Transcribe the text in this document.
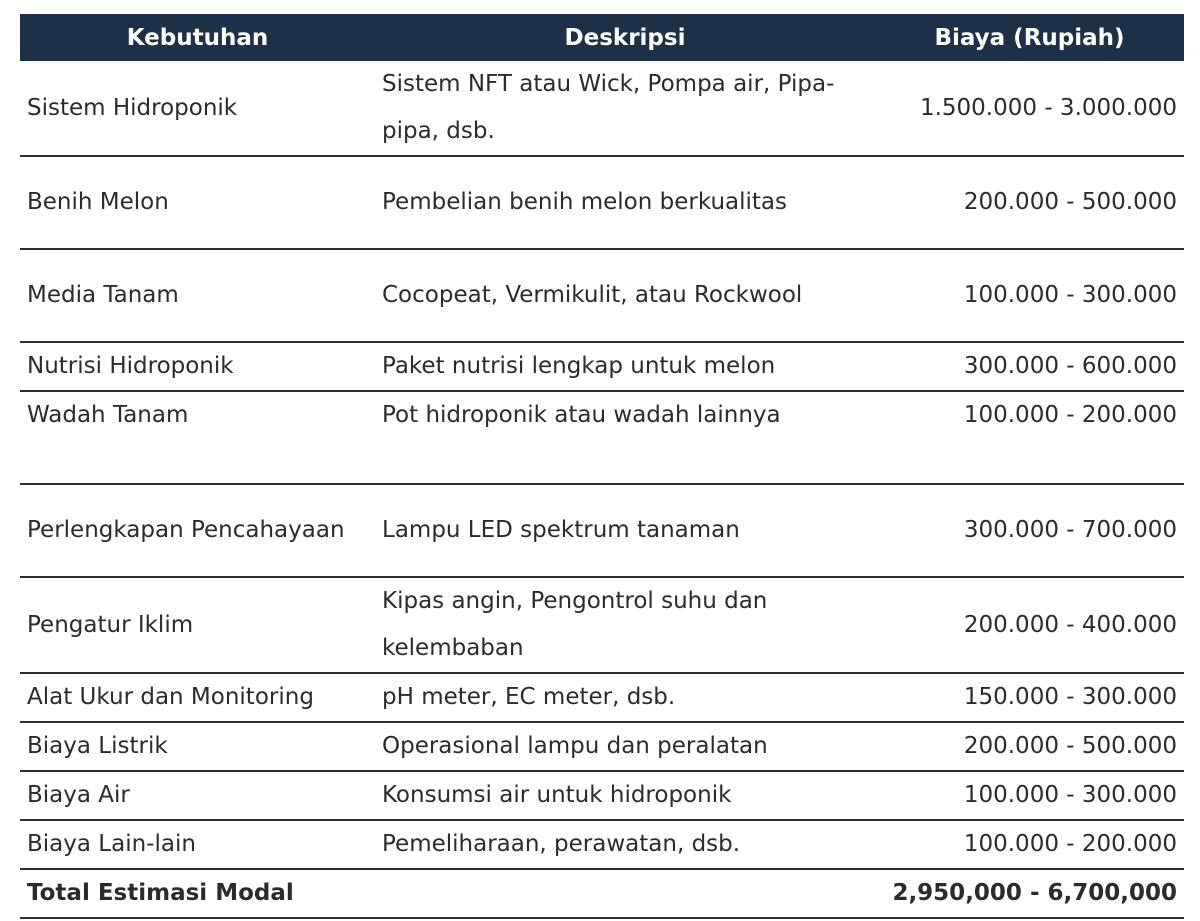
Kebutuhan	Deskripsi	Biaya (Rupiah)
Sistem Hidroponik	Sistem NFT atau Wick, Pompa air, Pipa-pipa, dsb.	1.500.000 - 3.000.000
Benih Melon	Pembelian benih melon berkualitas	200.000 - 500.000
Media Tanam	Cocopeat, Vermikulit, atau Rockwool	100.000 - 300.000
Nutrisi Hidroponik	Paket nutrisi lengkap untuk melon	300.000 - 600.000
Wadah Tanam	Pot hidroponik atau wadah lainnya	100.000 - 200.000
Perlengkapan Pencahayaan	Lampu LED spektrum tanaman	300.000 - 700.000
Pengatur Iklim	Kipas angin, Pengontrol suhu dan kelembaban	200.000 - 400.000
Alat Ukur dan Monitoring	pH meter, EC meter, dsb.	150.000 - 300.000
Biaya Listrik	Operasional lampu dan peralatan	200.000 - 500.000
Biaya Air	Konsumsi air untuk hidroponik	100.000 - 300.000
Biaya Lain-lain	Pemeliharaan, perawatan, dsb.	100.000 - 200.000
Total Estimasi Modal		2,950,000 - 6,700,000
